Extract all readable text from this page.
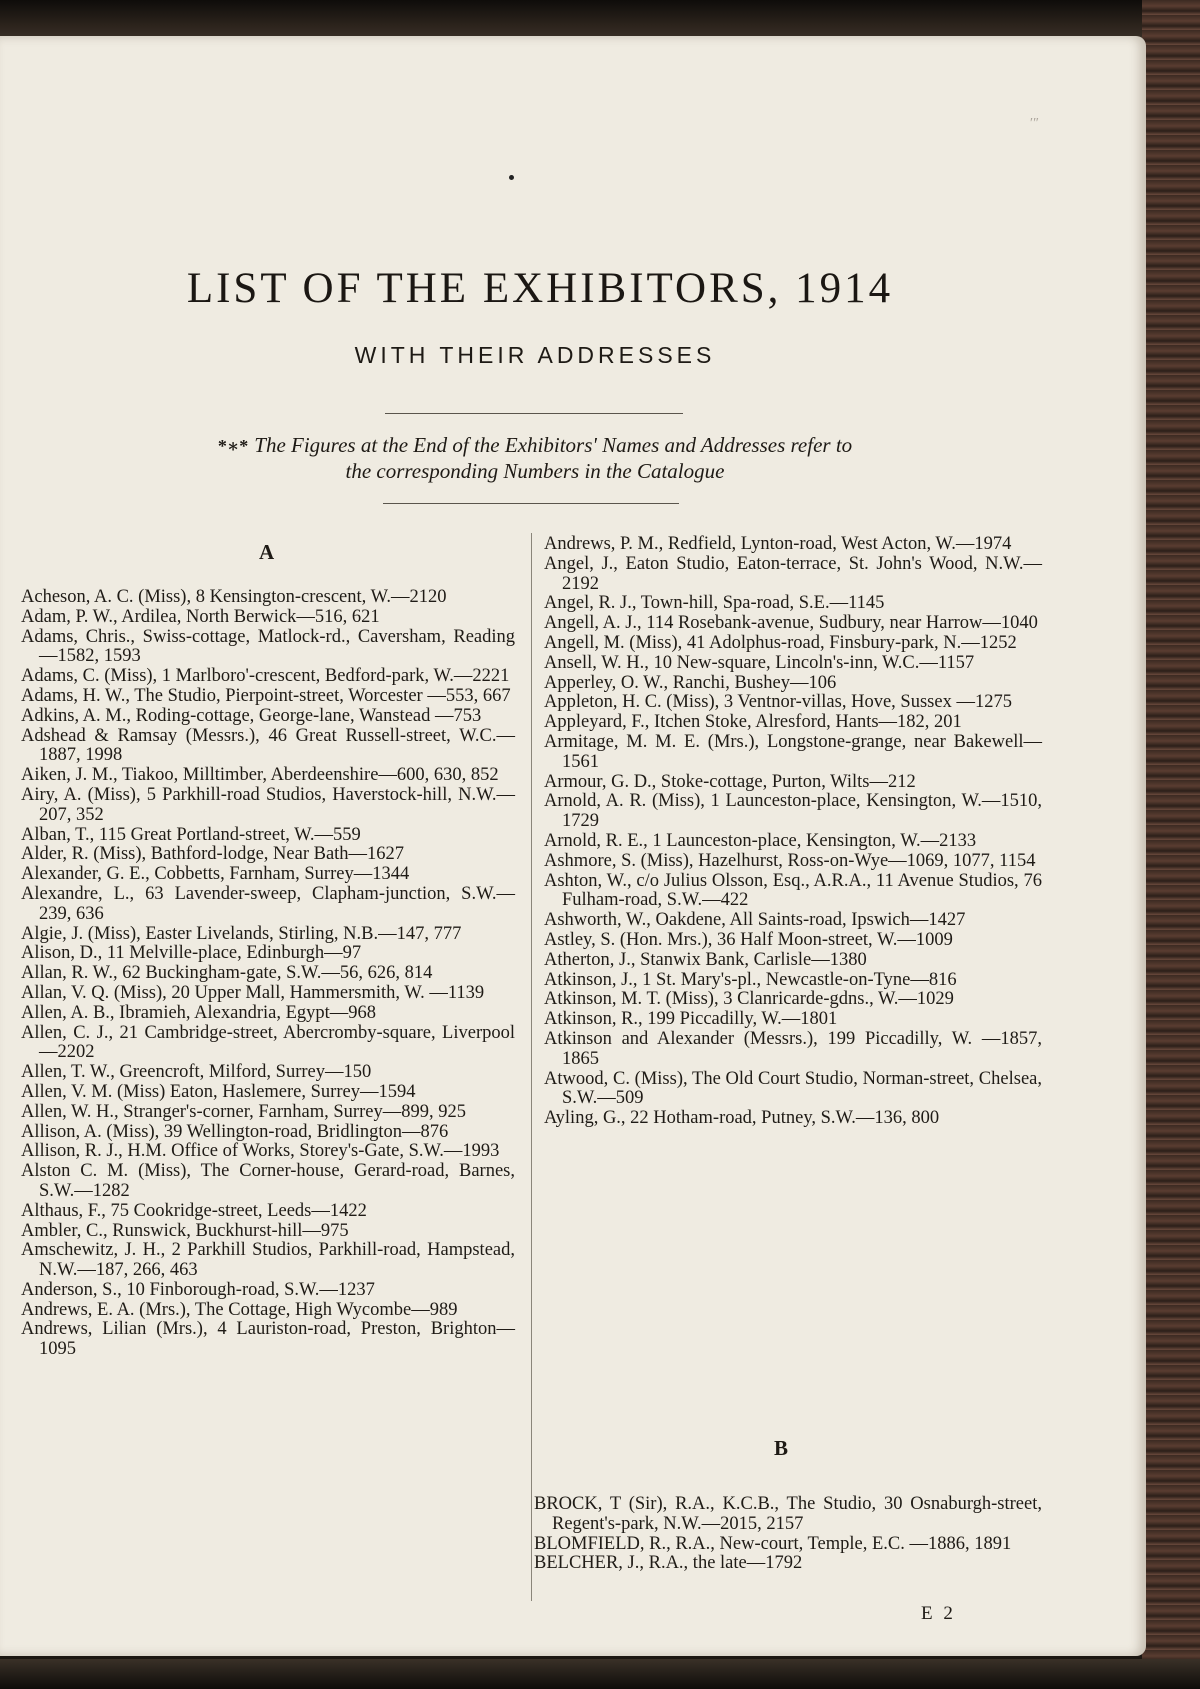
′″
LIST OF THE EXHIBITORS, 1914
WITH THEIR ADDRESSES
*∗* The Figures at the End of the Exhibitors' Names and Addresses refer to
the corresponding Numbers in the Catalogue
A

Acheson, A. C. (Miss), 8 Kensington-crescent, W.—2120

Adam, P. W., Ardilea, North Berwick—516, 621

Adams, Chris., Swiss-cottage, Matlock-rd., Caversham, Reading—1582, 1593

Adams, C. (Miss), 1 Marlboro'-crescent, Bedford-park, W.—2221

Adams, H. W., The Studio, Pierpoint-street, Worcester —553, 667

Adkins, A. M., Roding-cottage, George-lane, Wanstead —753

Adshead & Ramsay (Messrs.), 46 Great Russell-street, W.C.—1887, 1998

Aiken, J. M., Tiakoo, Milltimber, Aberdeenshire—600, 630, 852

Airy, A. (Miss), 5 Parkhill-road Studios, Haverstock-hill, N.W.—207, 352

Alban, T., 115 Great Portland-street, W.—559

Alder, R. (Miss), Bathford-lodge, Near Bath—1627

Alexander, G. E., Cobbetts, Farnham, Surrey—1344

Alexandre, L., 63 Lavender-sweep, Clapham-junction, S.W.—239, 636

Algie, J. (Miss), Easter Livelands, Stirling, N.B.—147, 777

Alison, D., 11 Melville-place, Edinburgh—97

Allan, R. W., 62 Buckingham-gate, S.W.—56, 626, 814

Allan, V. Q. (Miss), 20 Upper Mall, Hammersmith, W. —1139

Allen, A. B., Ibramieh, Alexandria, Egypt—968

Allen, C. J., 21 Cambridge-street, Abercromby-square, Liverpool—2202

Allen, T. W., Greencroft, Milford, Surrey—150

Allen, V. M. (Miss) Eaton, Haslemere, Surrey—1594

Allen, W. H., Stranger's-corner, Farnham, Surrey—899, 925

Allison, A. (Miss), 39 Wellington-road, Bridlington—876

Allison, R. J., H.M. Office of Works, Storey's-Gate, S.W.—1993

Alston C. M. (Miss), The Corner-house, Gerard-road, Barnes, S.W.—1282

Althaus, F., 75 Cookridge-street, Leeds—1422

Ambler, C., Runswick, Buckhurst-hill—975

Amschewitz, J. H., 2 Parkhill Studios, Parkhill-road, Hampstead, N.W.—187, 266, 463

Anderson, S., 10 Finborough-road, S.W.—1237

Andrews, E. A. (Mrs.), The Cottage, High Wycombe—989

Andrews, Lilian (Mrs.), 4 Lauriston-road, Preston, Brighton—1095

Andrews, P. M., Redfield, Lynton-road, West Acton, W.—1974

Angel, J., Eaton Studio, Eaton-terrace, St. John's Wood, N.W.—2192

Angel, R. J., Town-hill, Spa-road, S.E.—1145

Angell, A. J., 114 Rosebank-avenue, Sudbury, near Harrow—1040

Angell, M. (Miss), 41 Adolphus-road, Finsbury-park, N.—1252

Ansell, W. H., 10 New-square, Lincoln's-inn, W.C.—1157

Apperley, O. W., Ranchi, Bushey—106

Appleton, H. C. (Miss), 3 Ventnor-villas, Hove, Sussex —1275

Appleyard, F., Itchen Stoke, Alresford, Hants—182, 201

Armitage, M. M. E. (Mrs.), Longstone-grange, near Bakewell—1561

Armour, G. D., Stoke-cottage, Purton, Wilts—212

Arnold, A. R. (Miss), 1 Launceston-place, Kensington, W.—1510, 1729

Arnold, R. E., 1 Launceston-place, Kensington, W.—2133

Ashmore, S. (Miss), Hazelhurst, Ross-on-Wye—1069, 1077, 1154

Ashton, W., c/o Julius Olsson, Esq., A.R.A., 11 Avenue Studios, 76 Fulham-road, S.W.—422

Ashworth, W., Oakdene, All Saints-road, Ipswich—1427

Astley, S. (Hon. Mrs.), 36 Half Moon-street, W.—1009

Atherton, J., Stanwix Bank, Carlisle—1380

Atkinson, J., 1 St. Mary's-pl., Newcastle-on-Tyne—816

Atkinson, M. T. (Miss), 3 Clanricarde-gdns., W.—1029

Atkinson, R., 199 Piccadilly, W.—1801

Atkinson and Alexander (Messrs.), 199 Piccadilly, W. —1857, 1865

Atwood, C. (Miss), The Old Court Studio, Norman-street, Chelsea, S.W.—509

Ayling, G., 22 Hotham-road, Putney, S.W.—136, 800

B

BROCK, T (Sir), R.A., K.C.B., The Studio, 30 Osnaburgh-street, Regent's-park, N.W.—2015, 2157

BLOMFIELD, R., R.A., New-court, Temple, E.C. —1886, 1891

BELCHER, J., R.A., the late—1792

E 2
